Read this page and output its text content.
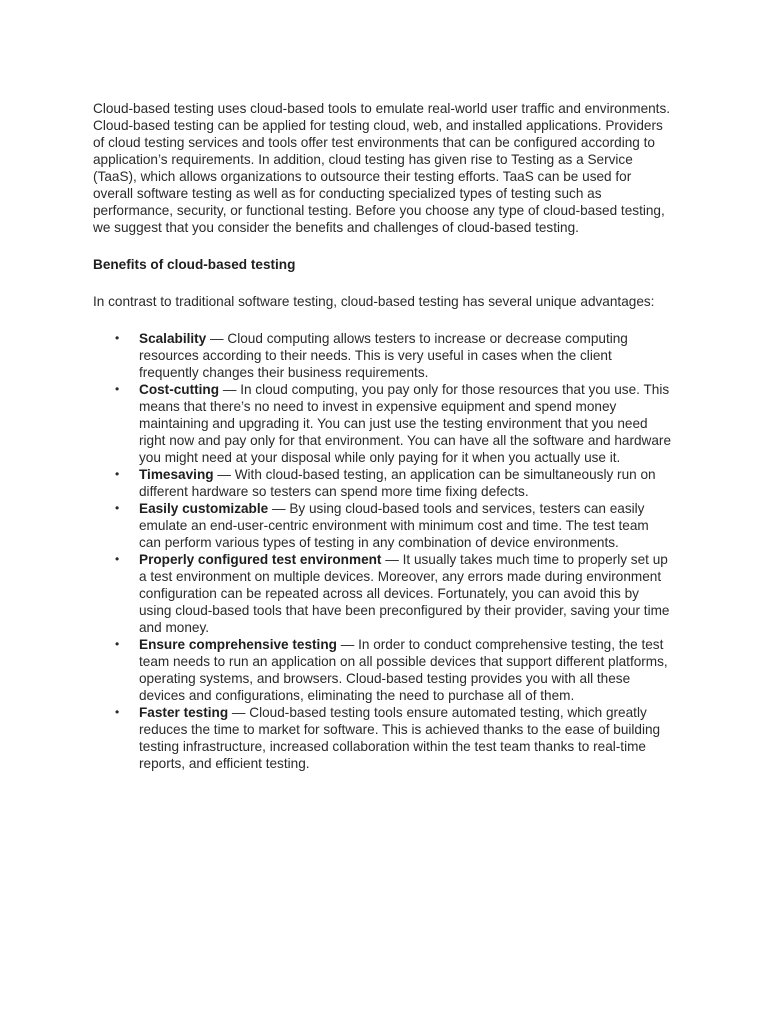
Cloud-based testing uses cloud-based tools to emulate real-world user traffic and environments. Cloud-based testing can be applied for testing cloud, web, and installed applications. Providers of cloud testing services and tools offer test environments that can be configured according to application’s requirements. In addition, cloud testing has given rise to Testing as a Service (TaaS), which allows organizations to outsource their testing efforts. TaaS can be used for overall software testing as well as for conducting specialized types of testing such as performance, security, or functional testing. Before you choose any type of cloud-based testing, we suggest that you consider the benefits and challenges of cloud-based testing.

Benefits of cloud-based testing

In contrast to traditional software testing, cloud-based testing has several unique advantages:

• Scalability — Cloud computing allows testers to increase or decrease computing resources according to their needs. This is very useful in cases when the client frequently changes their business requirements.
• Cost-cutting — In cloud computing, you pay only for those resources that you use. This means that there’s no need to invest in expensive equipment and spend money maintaining and upgrading it. You can just use the testing environment that you need right now and pay only for that environment. You can have all the software and hardware you might need at your disposal while only paying for it when you actually use it.
• Timesaving — With cloud-based testing, an application can be simultaneously run on different hardware so testers can spend more time fixing defects.
• Easily customizable — By using cloud-based tools and services, testers can easily emulate an end-user-centric environment with minimum cost and time. The test team can perform various types of testing in any combination of device environments.
• Properly configured test environment — It usually takes much time to properly set up a test environment on multiple devices. Moreover, any errors made during environment configuration can be repeated across all devices. Fortunately, you can avoid this by using cloud-based tools that have been preconfigured by their provider, saving your time and money.
• Ensure comprehensive testing — In order to conduct comprehensive testing, the test team needs to run an application on all possible devices that support different platforms, operating systems, and browsers. Cloud-based testing provides you with all these devices and configurations, eliminating the need to purchase all of them.
• Faster testing — Cloud-based testing tools ensure automated testing, which greatly reduces the time to market for software. This is achieved thanks to the ease of building testing infrastructure, increased collaboration within the test team thanks to real-time reports, and efficient testing.
